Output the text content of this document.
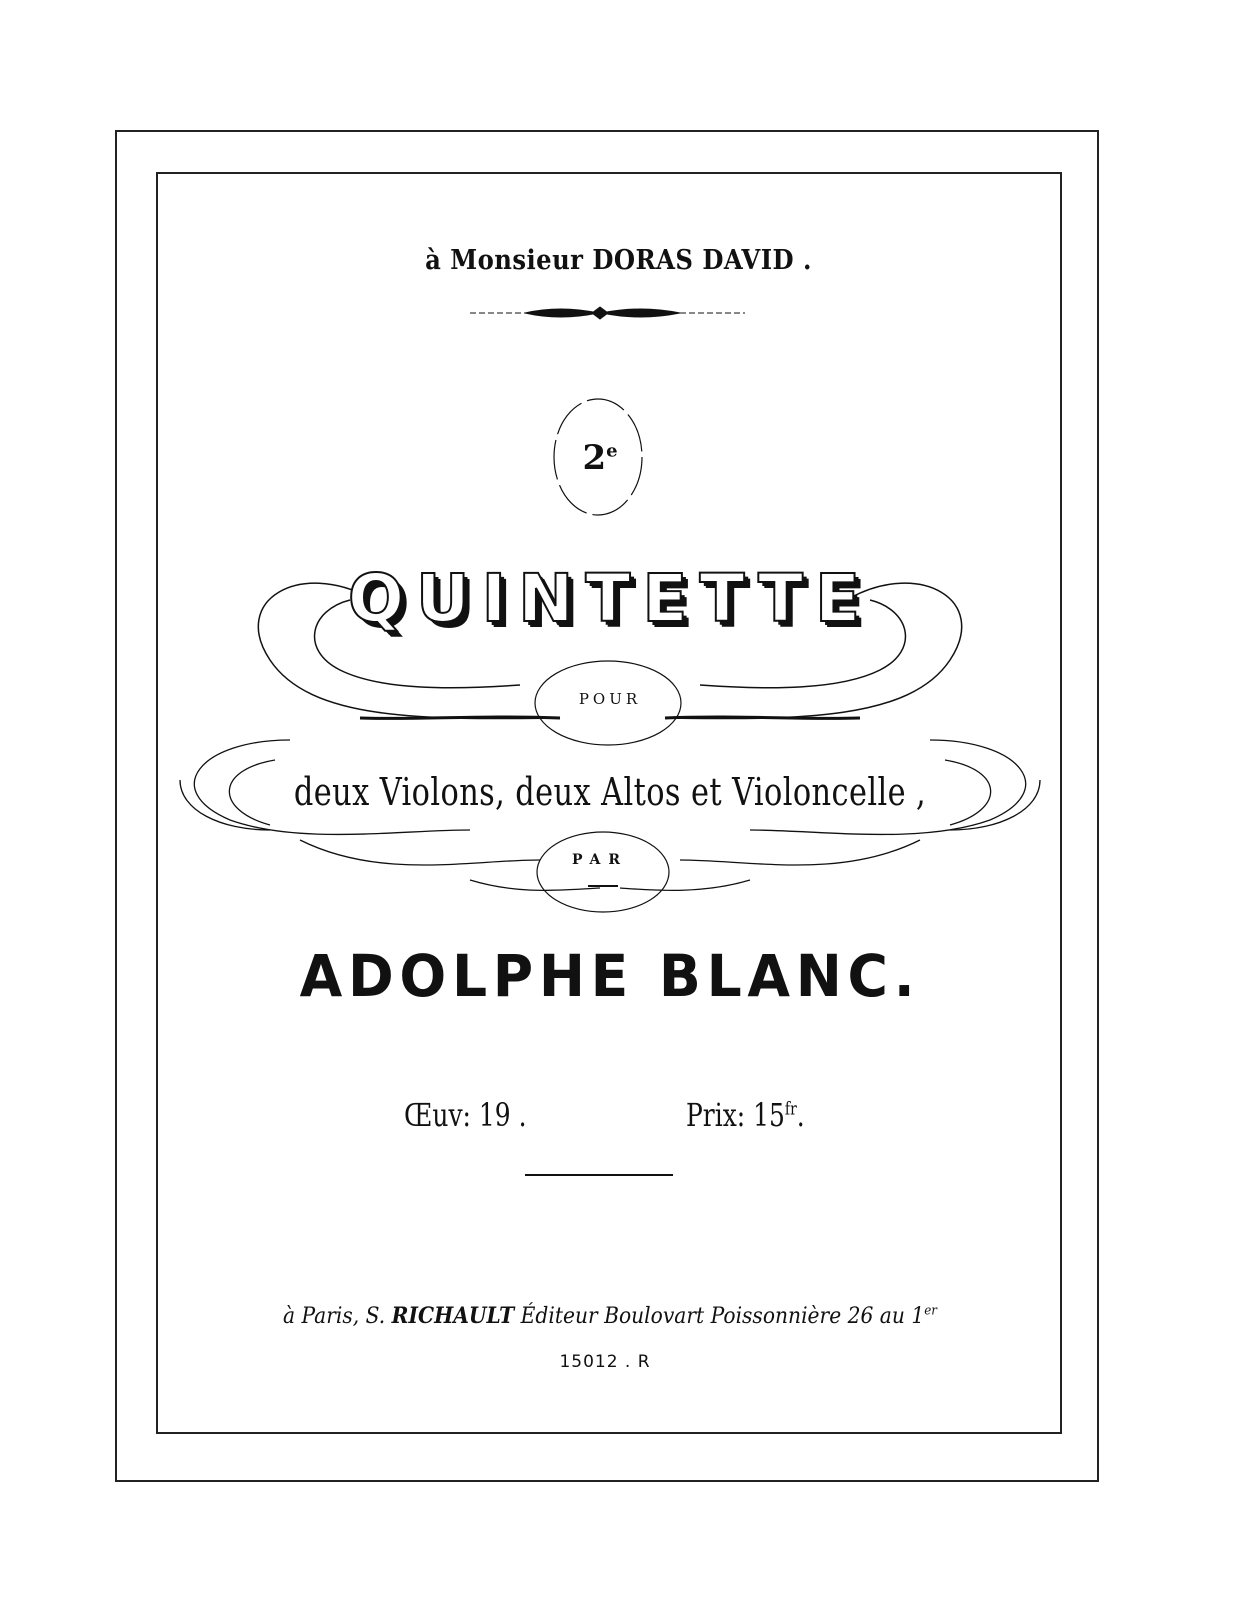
à Monsieur DORAS DAVID .
2e
QUINTETTE
POUR
deux Violons, deux Altos et Violoncelle ,
PAR
ADOLPHE BLANC.
Œuv: 19 .	Prix: $15^{fr}$.
à Paris, S. RICHAULT Éditeur Boulovart Poissonnière 26 au 1er
15012 . R
